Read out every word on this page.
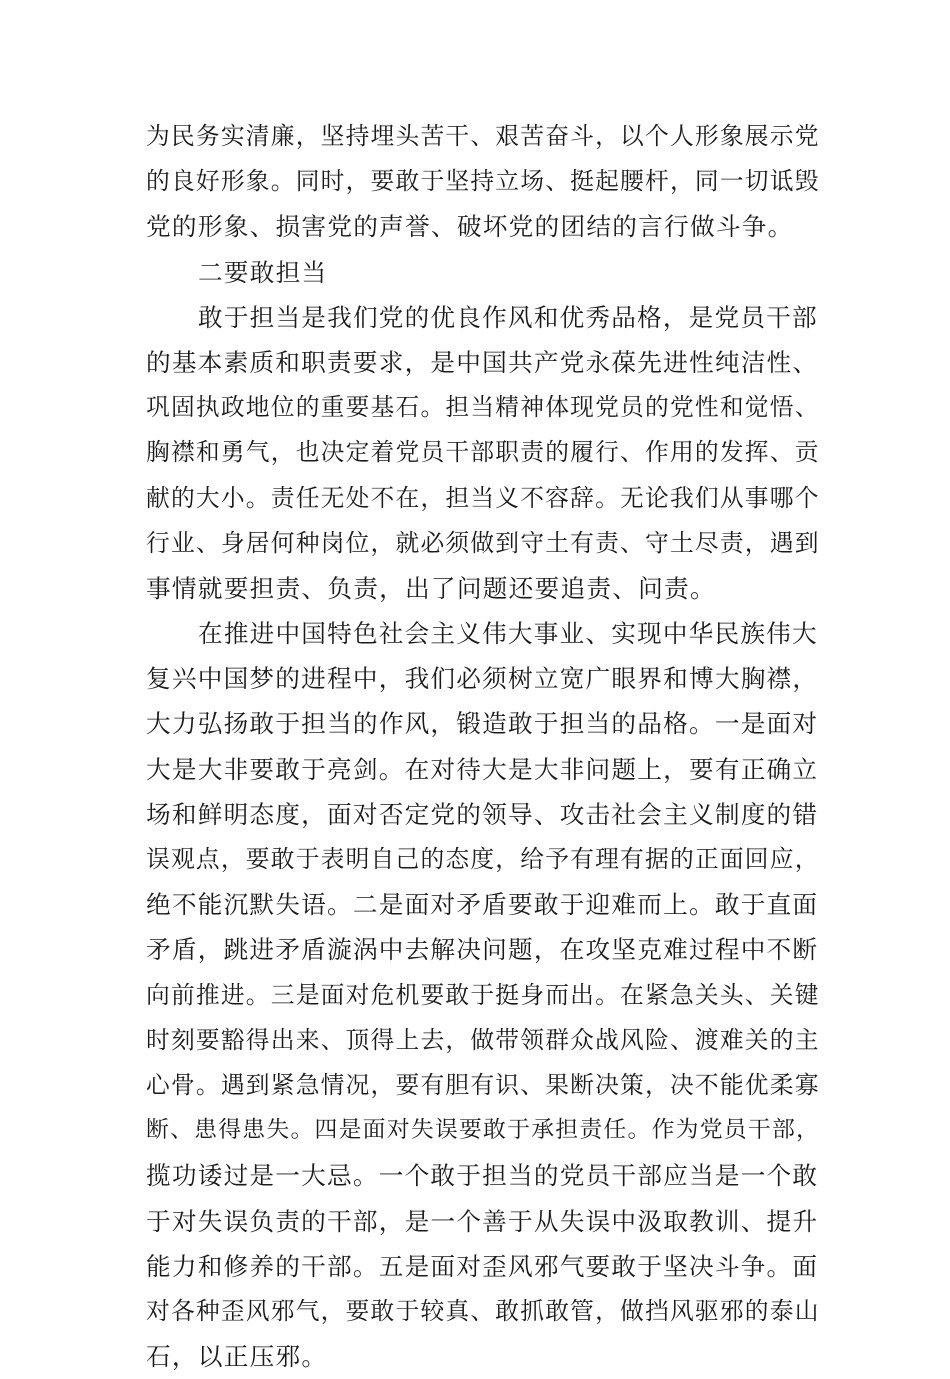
为民务实清廉，坚持埋头苦干、艰苦奋斗，以个人形象展示党
的良好形象。同时，要敢于坚持立场、挺起腰杆，同一切诋毁
党的形象、损害党的声誉、破坏党的团结的言行做斗争。
二要敢担当
敢于担当是我们党的优良作风和优秀品格，是党员干部
的基本素质和职责要求，是中国共产党永葆先进性纯洁性、
巩固执政地位的重要基石。担当精神体现党员的党性和觉悟、
胸襟和勇气，也决定着党员干部职责的履行、作用的发挥、贡
献的大小。责任无处不在，担当义不容辞。无论我们从事哪个
行业、身居何种岗位，就必须做到守土有责、守土尽责，遇到
事情就要担责、负责，出了问题还要追责、问责。
在推进中国特色社会主义伟大事业、实现中华民族伟大
复兴中国梦的进程中，我们必须树立宽广眼界和博大胸襟，
大力弘扬敢于担当的作风，锻造敢于担当的品格。一是面对
大是大非要敢于亮剑。在对待大是大非问题上，要有正确立
场和鲜明态度，面对否定党的领导、攻击社会主义制度的错
误观点，要敢于表明自己的态度，给予有理有据的正面回应，
绝不能沉默失语。二是面对矛盾要敢于迎难而上。敢于直面
矛盾，跳进矛盾漩涡中去解决问题，在攻坚克难过程中不断
向前推进。三是面对危机要敢于挺身而出。在紧急关头、关键
时刻要豁得出来、顶得上去，做带领群众战风险、渡难关的主
心骨。遇到紧急情况，要有胆有识、果断决策，决不能优柔寡
断、患得患失。四是面对失误要敢于承担责任。作为党员干部，
揽功诿过是一大忌。一个敢于担当的党员干部应当是一个敢
于对失误负责的干部，是一个善于从失误中汲取教训、提升
能力和修养的干部。五是面对歪风邪气要敢于坚决斗争。面
对各种歪风邪气，要敢于较真、敢抓敢管，做挡风驱邪的泰山
石，以正压邪。
